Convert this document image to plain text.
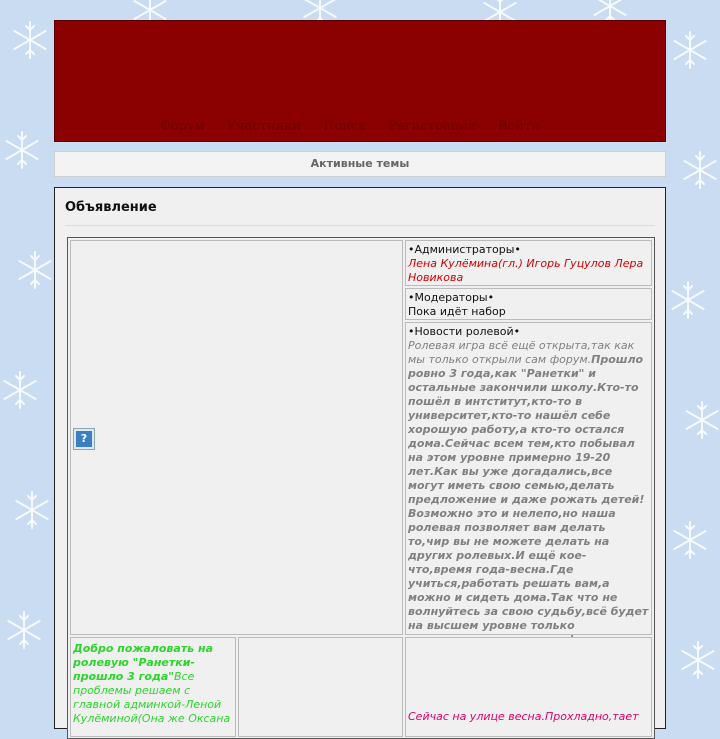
Форум Участники Поиск Регистрация Войти
Активные темы
Объявление
?
•Администраторы•
Лена Кулёмина(гл.) Игорь Гуцулов Лера Новикова
•Модераторы•
Пока идёт набор
•Новости ролевой•
Ролевая игра всё ещё открыта,так как мы только открыли сам форум.Прошло ровно 3 года,как "Ранетки" и остальные закончили школу.Кто-то пошёл в интститут,кто-то в университет,кто-то нашёл себе хорошую работу,а кто-то остался дома.Сейчас всем тем,кто побывал на этом уровне примерно 19-20 лет.Как вы уже догадались,все могут иметь свою семью,делать предложение и даже рожать детей! Возможно это и нелепо,но наша ролевая позволяет вам делать то,чир вы не можете делать на других ролевых.И ещё кое-что,время года-весна.Где учиться,работать решать вам,а можно и сидеть дома.Так что не волнуйтесь за свою судьбу,всё будет на высшем уровне только
Добро пожаловать на ролевую "Ранетки-прошло 3 года"Все проблемы решаем с главной админкой-Леной Кулёминой(Она же Оксана	Сейчас на улице весна.Прохладно,тает
